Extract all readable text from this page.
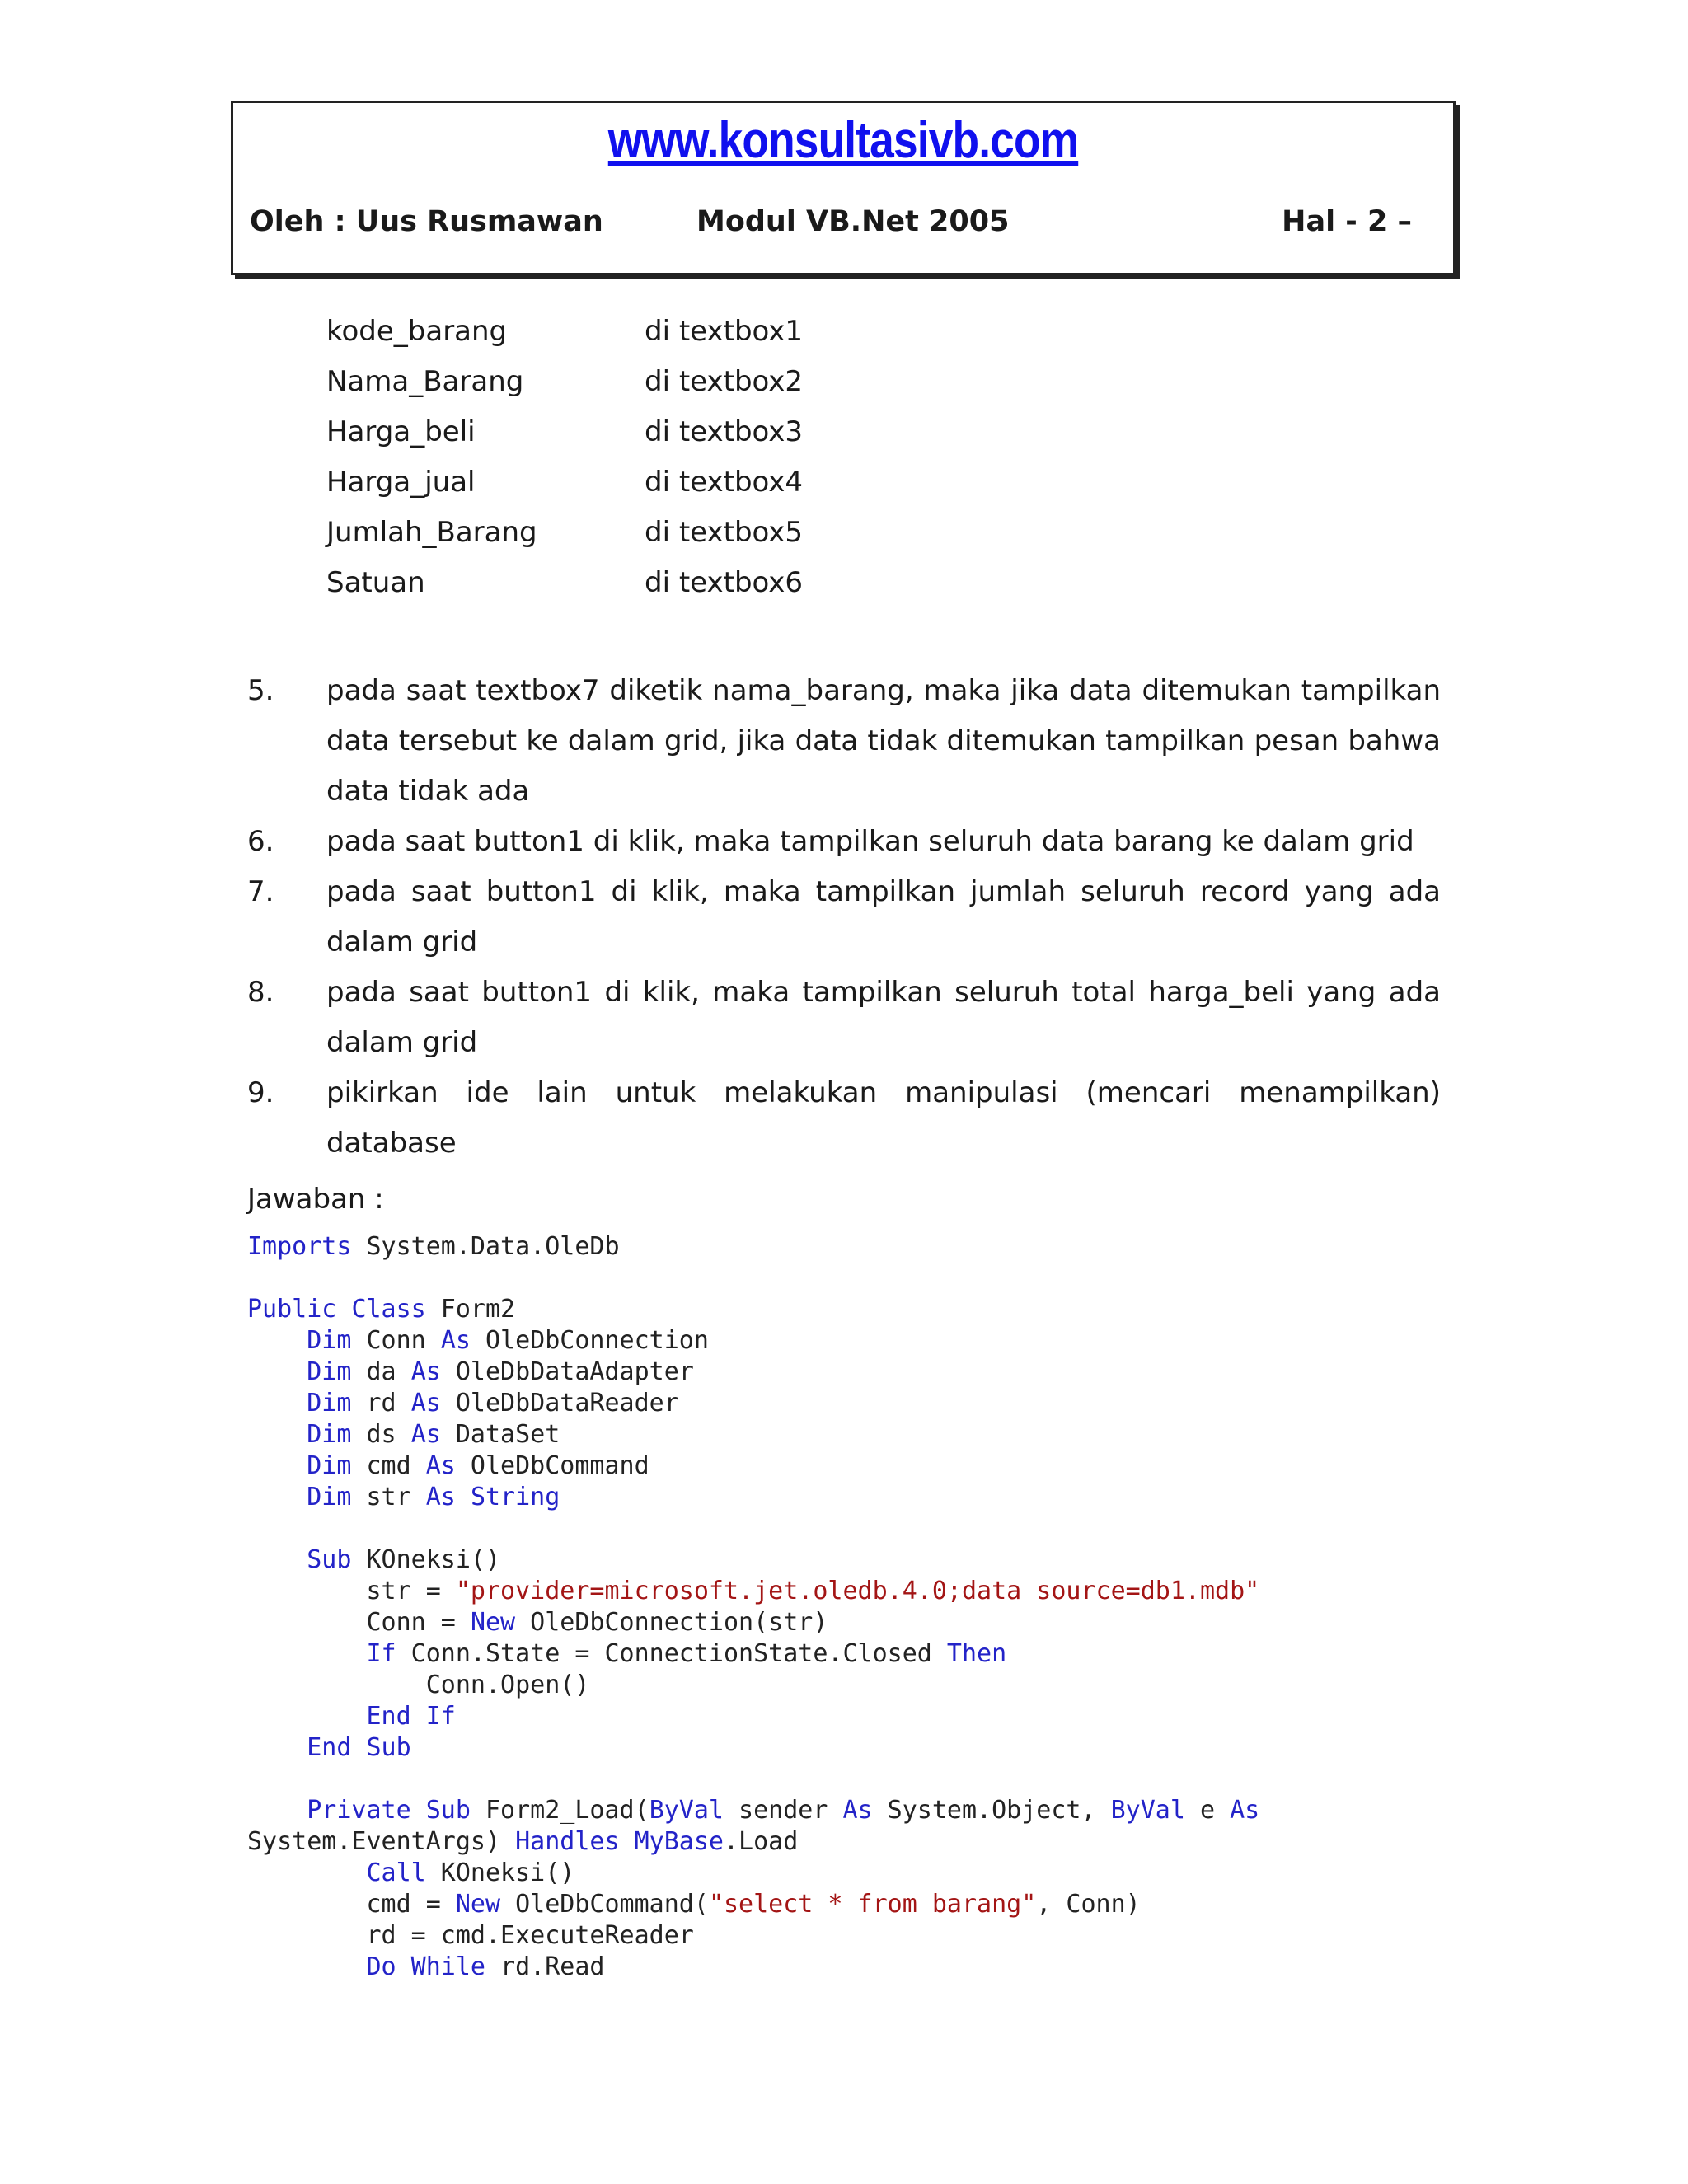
www.konsultasivb.com
Oleh : Uus Rusmawan	Modul VB.Net 2005	Hal - 2 –
kode_barang	di textbox1
Nama_Barang	di textbox2
Harga_beli	di textbox3
Harga_jual	di textbox4
Jumlah_Barang	di textbox5
Satuan	di textbox6
5. pada saat textbox7 diketik nama_barang, maka jika data ditemukan tampilkan data tersebut ke dalam grid, jika data tidak ditemukan tampilkan pesan bahwa data tidak ada
6. pada saat button1 di klik, maka tampilkan seluruh data barang ke dalam grid
7. pada saat button1 di klik, maka tampilkan jumlah seluruh record yang ada dalam grid
8. pada saat button1 di klik, maka tampilkan seluruh total harga_beli yang ada dalam grid
9. pikirkan ide lain untuk melakukan manipulasi (mencari menampilkan) database
Jawaban :
Imports System.Data.OleDb
Public Class Form2
Dim Conn As OleDbConnection
Dim da As OleDbDataAdapter
Dim rd As OleDbDataReader
Dim ds As DataSet
Dim cmd As OleDbCommand
Dim str As String
Sub KOneksi()
str = "provider=microsoft.jet.oledb.4.0;data source=db1.mdb"
Conn = New OleDbConnection(str)
If Conn.State = ConnectionState.Closed Then
Conn.Open()
End If
End Sub
Private Sub Form2_Load(ByVal sender As System.Object, ByVal e As
System.EventArgs) Handles MyBase.Load
Call KOneksi()
cmd = New OleDbCommand("select * from barang", Conn)
rd = cmd.ExecuteReader
Do While rd.Read
